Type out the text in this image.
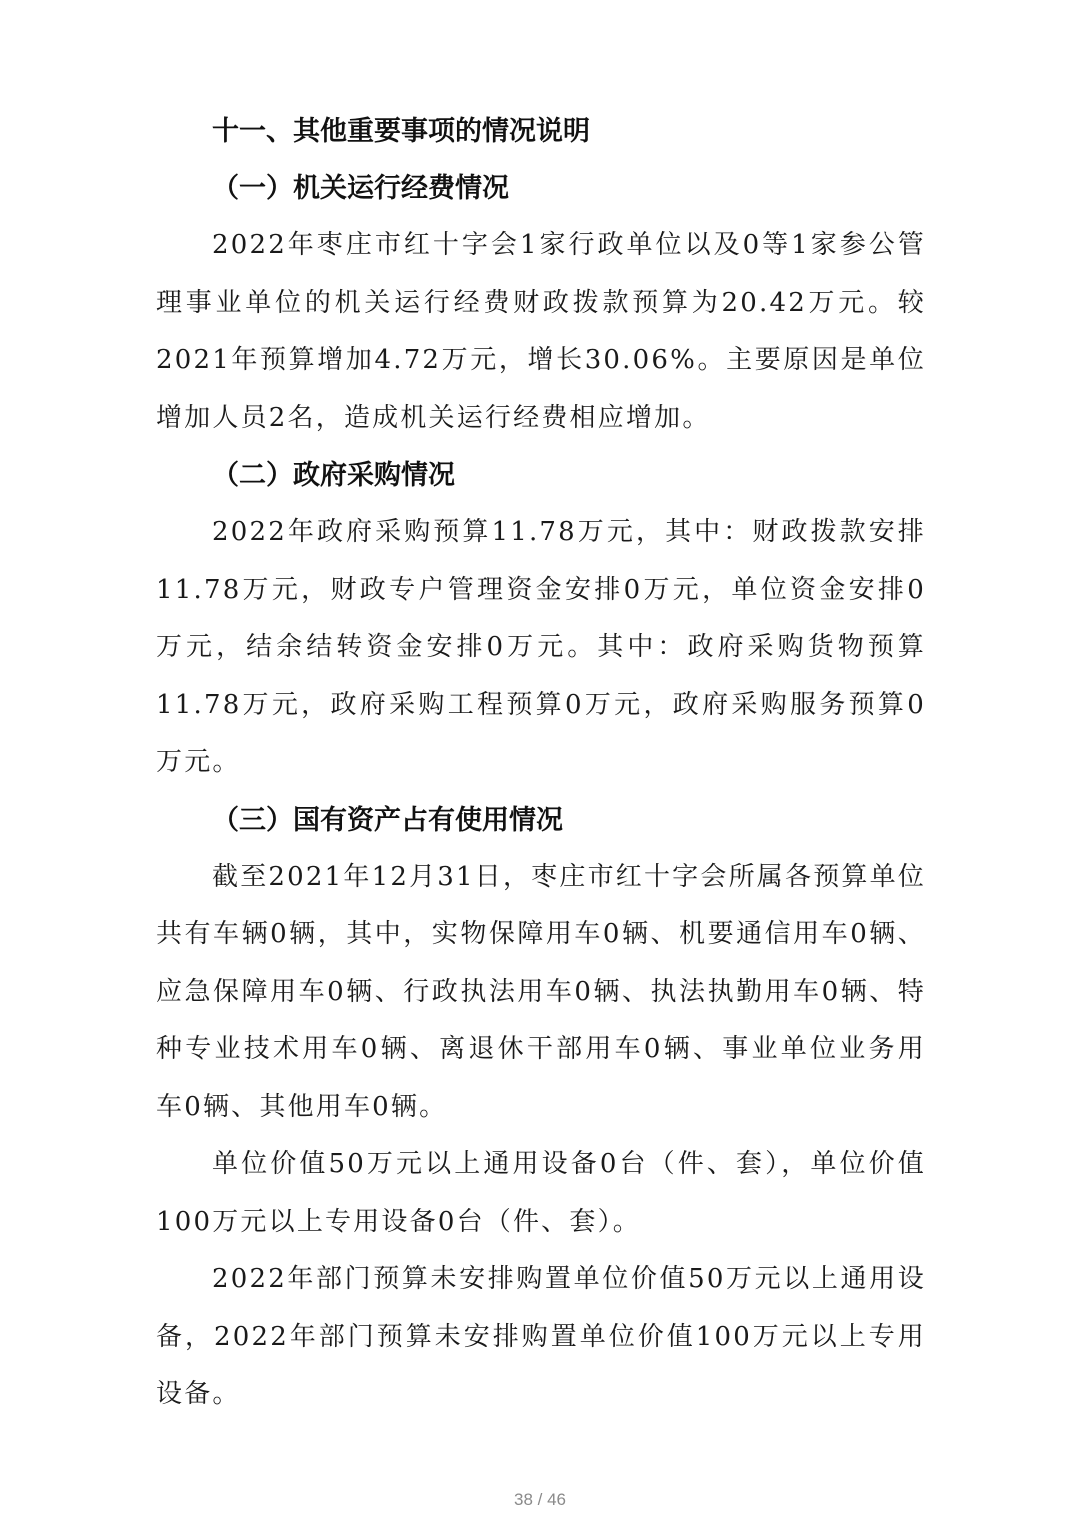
十一、其他重要事项的情况说明
（一）机关运行经费情况

2022年枣庄市红十字会1家行政单位以及0等1家参公管理事业单位的机关运行经费财政拨款预算为20.42万元。较2021年预算增加4.72万元，增长30.06%。主要原因是单位增加人员2名，造成机关运行经费相应增加。

（二）政府采购情况

2022年政府采购预算11.78万元，其中：财政拨款安排11.78万元，财政专户管理资金安排0万元，单位资金安排0万元，结余结转资金安排0万元。其中：政府采购货物预算11.78万元，政府采购工程预算0万元，政府采购服务预算0万元。

（三）国有资产占有使用情况

截至2021年12月31日，枣庄市红十字会所属各预算单位共有车辆0辆，其中，实物保障用车0辆、机要通信用车0辆、应急保障用车0辆、行政执法用车0辆、执法执勤用车0辆、特种专业技术用车0辆、离退休干部用车0辆、事业单位业务用车0辆、其他用车0辆。

单位价值50万元以上通用设备0台（件、套），单位价值100万元以上专用设备0台（件、套）。

2022年部门预算未安排购置单位价值50万元以上通用设备，2022年部门预算未安排购置单位价值100万元以上专用设备。

38 / 46
